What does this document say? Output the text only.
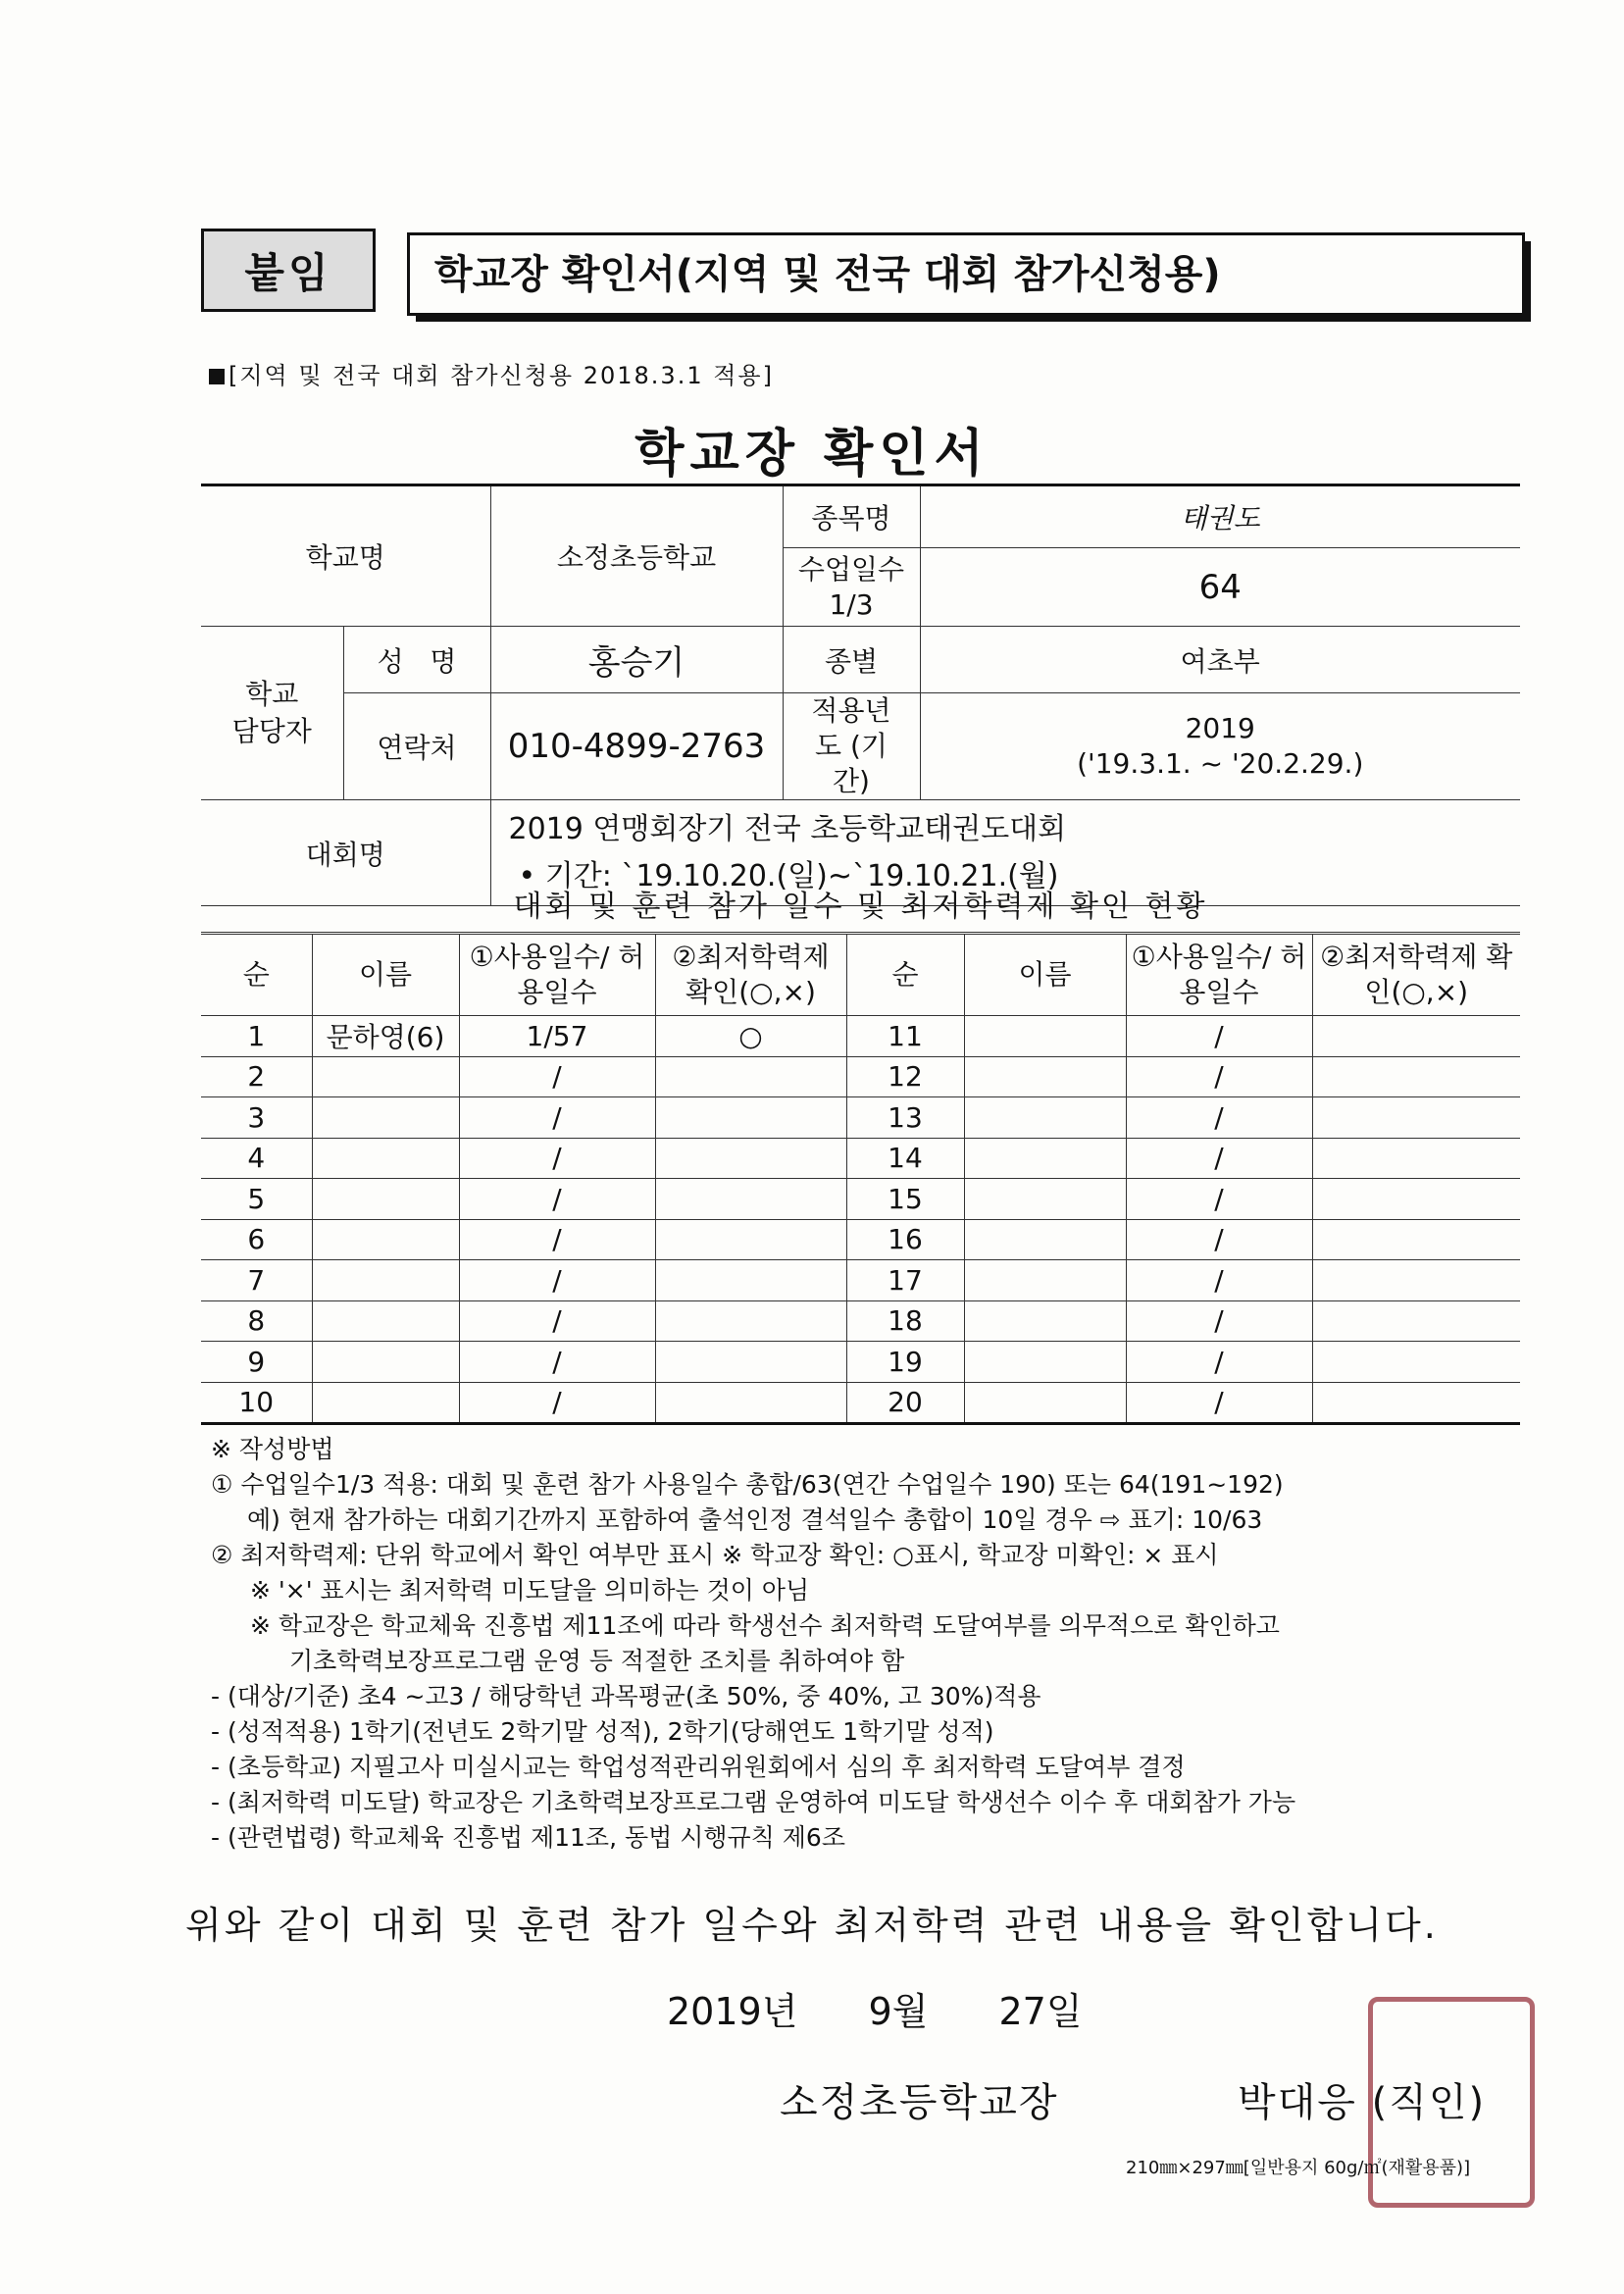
붙임	학교장 확인서(지역 및 전국 대회 참가신청용)
[지역 및 전국 대회 참가신청용 2018.3.1 적용]
학교장 확인서
학교명		소정초등학교	종목명	태권도
			수업일수 1/3	64
학교 담당자	성   명	홍승기	종별	여초부
	연락처	010-4899-2763	적용년도 (기간)	2019
('19.3.1. ~ '20.2.29.)

대회명		2019 연맹회장기 전국 초등학교태권도대회
• 기간: `19.10.20.(일)~`19.10.21.(월)		
대회 및 훈련 참가 일수 및 최저학력제 확인 현황
순	이름	①사용일수/ 허용일수	②최저학력제 확인(○,×)	순	이름	①사용일수/ 허용일수	②최저학력제 확인(○,×)
1	문하영(6)	1/57	○	11		/	
2		/		12		/	
3		/		13		/	
4		/		14		/	
5		/		15		/	
6		/		16		/	
7		/		17		/	
8		/		18		/	
9		/		19		/	
10		/		20		/	
※ 작성방법
① 수업일수1/3 적용: 대회 및 훈련 참가 사용일수 총합/63(연간 수업일수 190) 또는 64(191~192)
예) 현재 참가하는 대회기간까지 포함하여 출석인정 결석일수 총합이 10일 경우 ⇨ 표기: 10/63
② 최저학력제: 단위 학교에서 확인 여부만 표시 ※ 학교장 확인: ○표시, 학교장 미확인: × 표시
※ '×' 표시는 최저학력 미도달을 의미하는 것이 아님
※ 학교장은 학교체육 진흥법 제11조에 따라 학생선수 최저학력 도달여부를 의무적으로 확인하고
기초학력보장프로그램 운영 등 적절한 조치를 취하여야 함
- (대상/기준) 초4 ~고3 / 해당학년 과목평균(초 50%, 중 40%, 고 30%)적용
- (성적적용) 1학기(전년도 2학기말 성적), 2학기(당해연도 1학기말 성적)
- (초등학교) 지필고사 미실시교는 학업성적관리위원회에서 심의 후 최저학력 도달여부 결정
- (최저학력 미도달) 학교장은 기초학력보장프로그램 운영하여 미도달 학생선수 이수 후 대회참가 가능
- (관련법령) 학교체육 진흥법 제11조, 동법 시행규칙 제6조
위와 같이 대회 및 훈련 참가 일수와 최저학력 관련 내용을 확인합니다.
2019년 9월 27일
소정초등학교장	박대응 (직인)
210㎜×297㎜[일반용지 60g/㎡(재활용품)]
